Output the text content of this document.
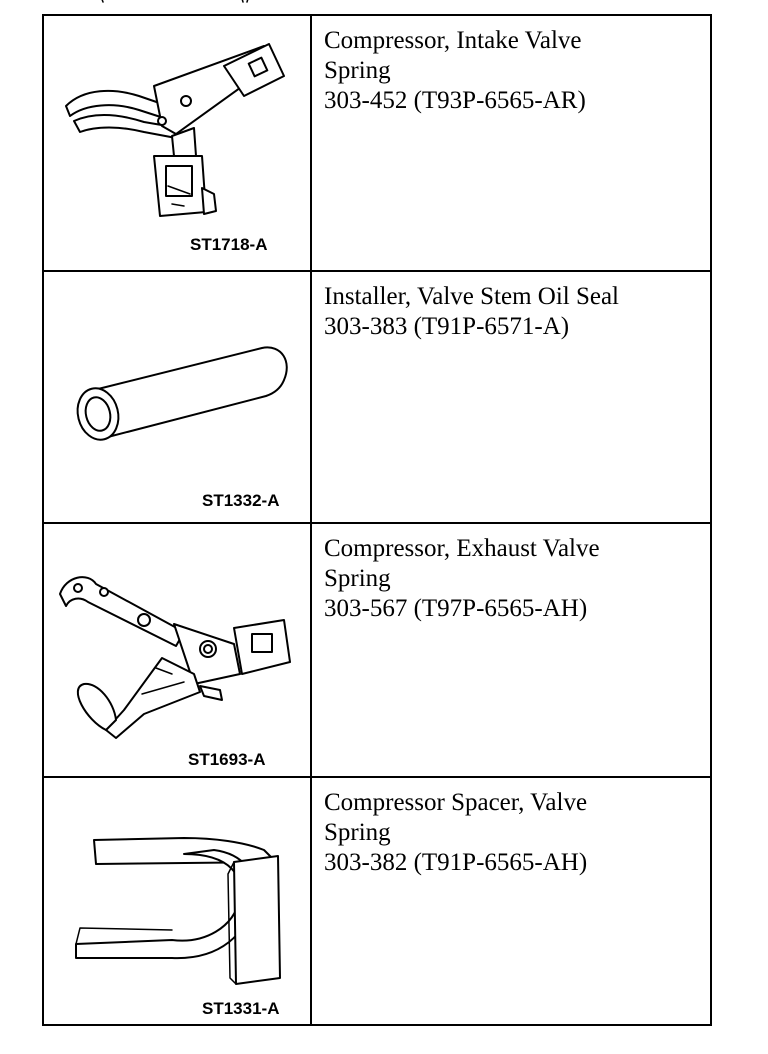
ST1718-A
Compressor, Intake Valve
Spring
303-452 (T93P-6565-AR)
ST1332-A
Installer, Valve Stem Oil Seal
303-383 (T91P-6571-A)
ST1693-A
Compressor, Exhaust Valve
Spring
303-567 (T97P-6565-AH)
ST1331-A
Compressor Spacer, Valve
Spring
303-382 (T91P-6565-AH)
